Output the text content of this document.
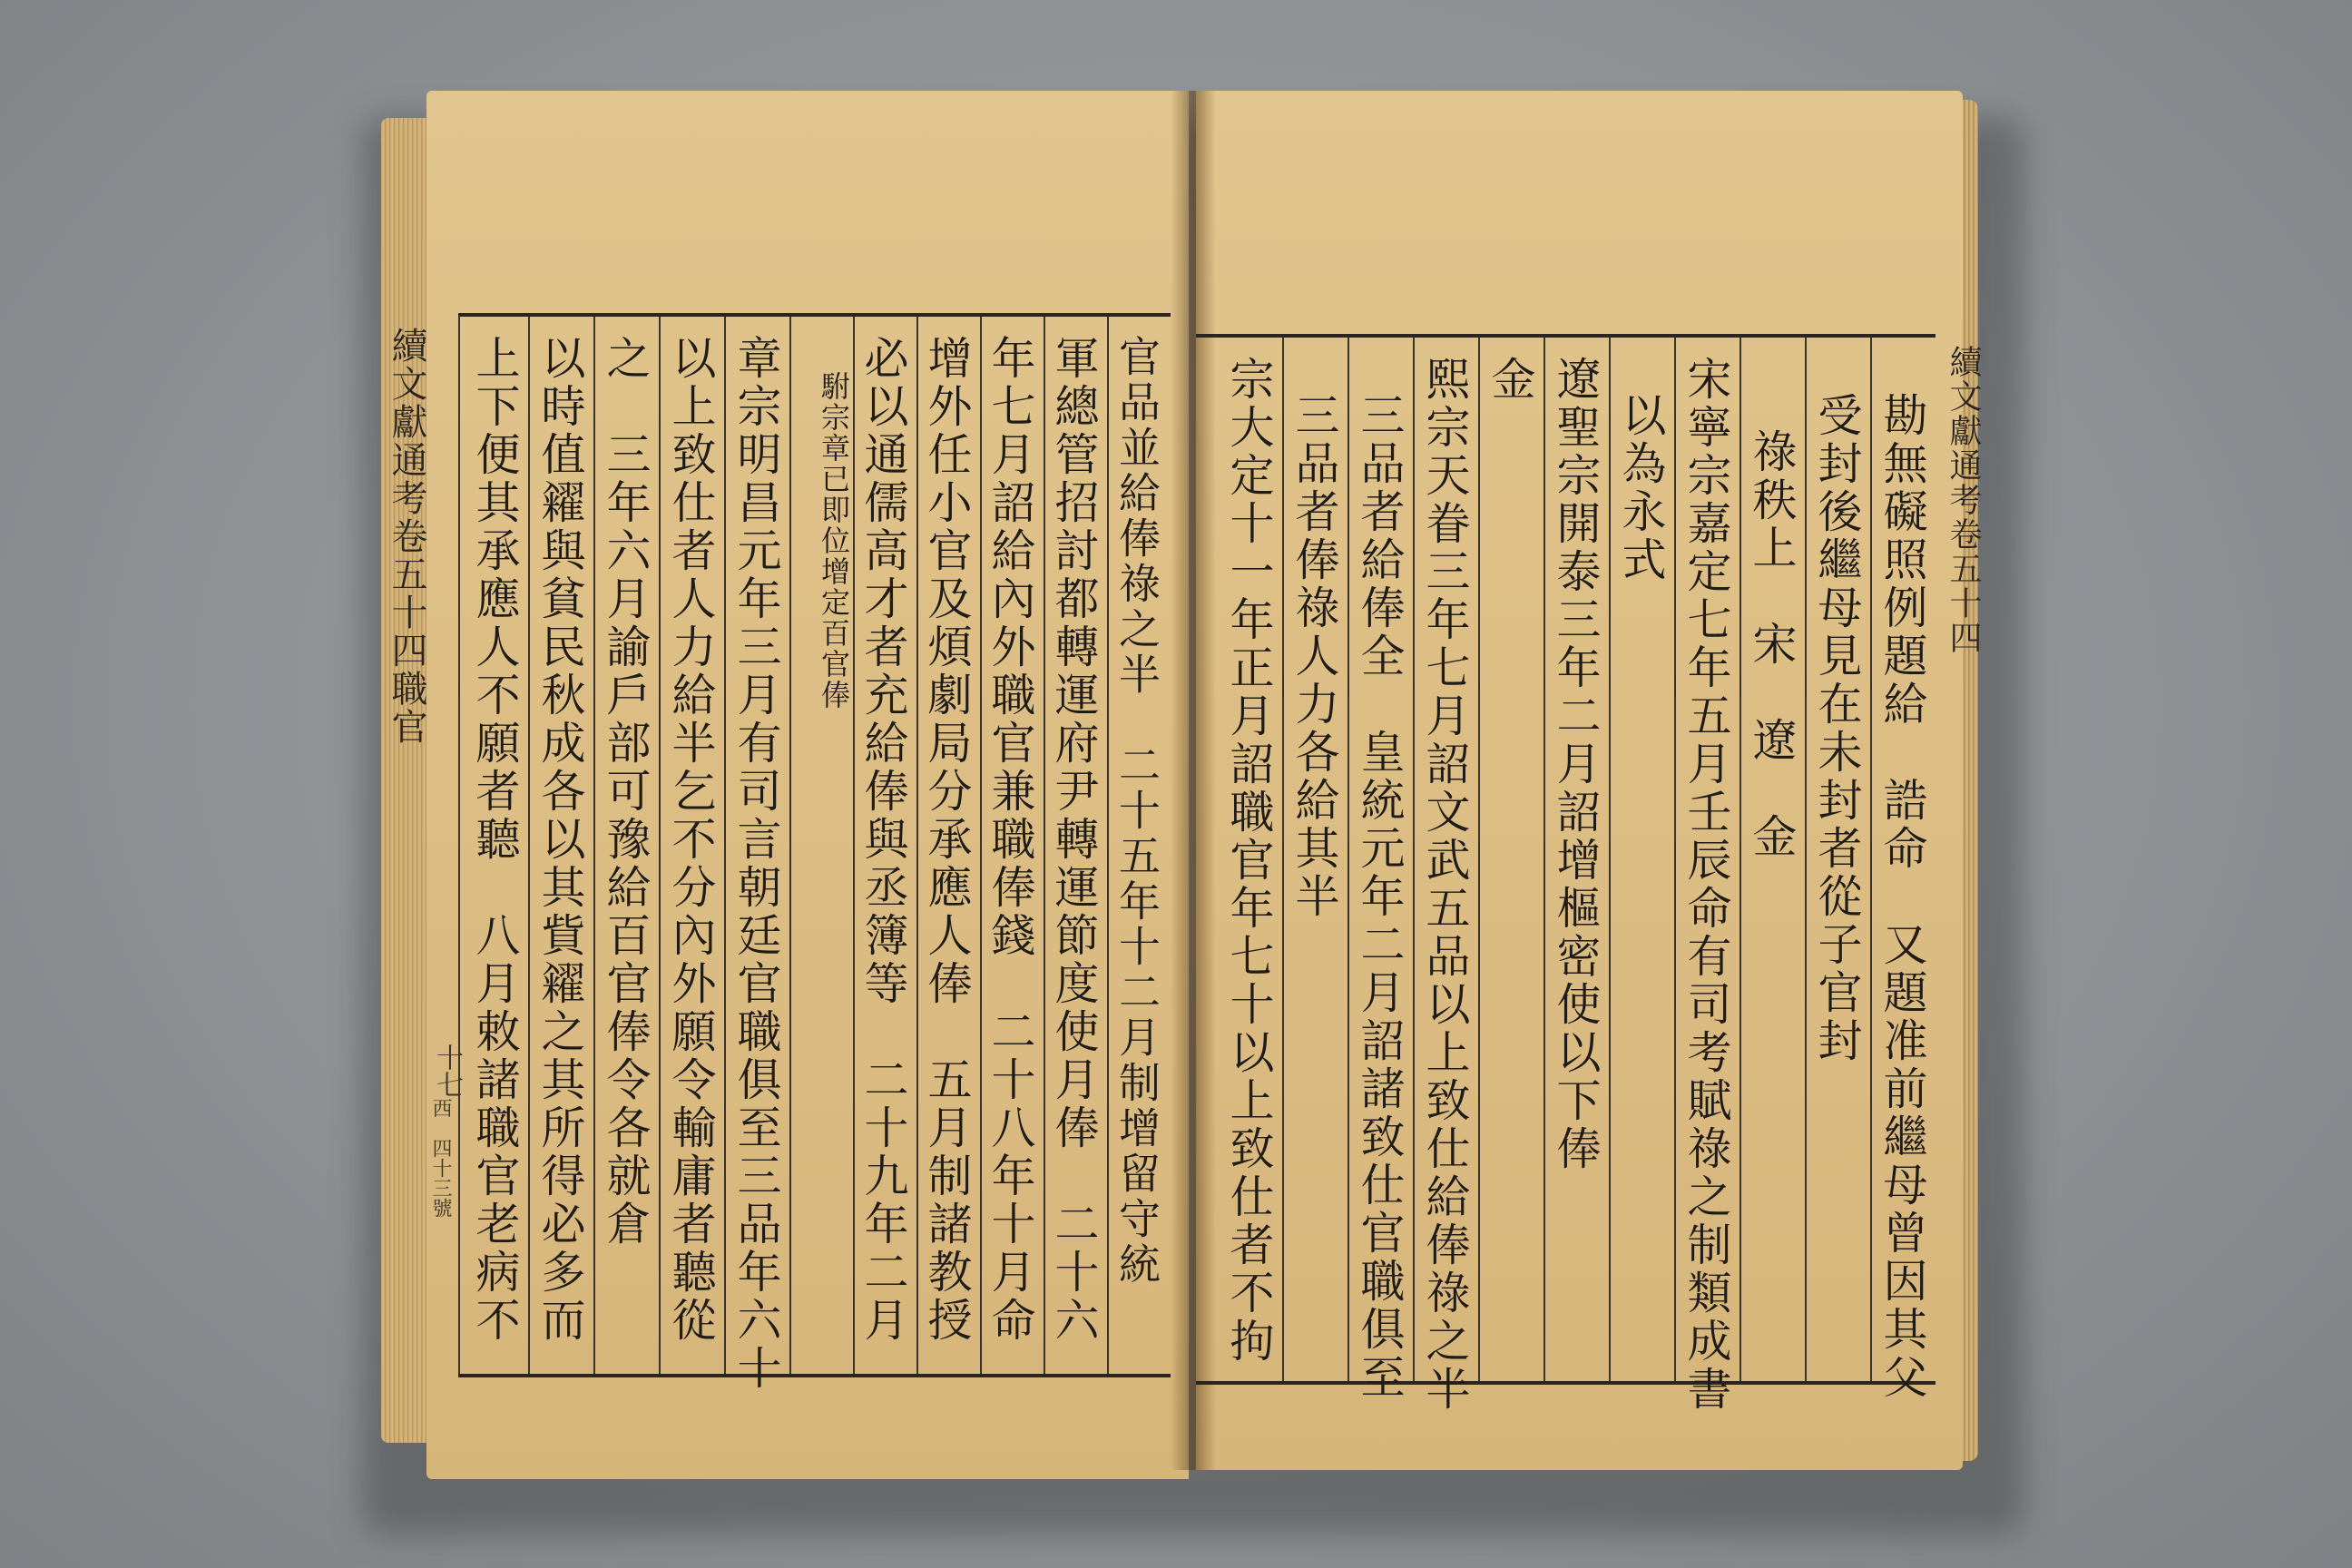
續文獻通考卷五十四職官
十七
西　四十三號	官品並給俸祿之半　二十五年十二月制增留守統
軍總管招討都轉運府尹轉運節度使月俸　二十六
年七月詔給內外職官兼職俸錢　二十八年十月命
增外任小官及煩劇局分承應人俸　五月制諸教授
必以通儒高才者充給俸與丞簿等　二十九年二月
駙宗章已即位增定百官俸
章宗明昌元年三月有司言朝廷官職俱至三品年六十
以上致仕者人力給半乞不分內外願令輸庸者聽從
之　三年六月諭戶部可豫給百官俸令各就倉
以時值糴與貧民秋成各以其貲糴之其所得必多而
上下便其承應人不願者聽　八月敕諸職官老病不	勘無礙照例題給　誥命　又題准前繼母曾因其父
受封後繼母見在未封者從子官封
祿秩上　宋　遼　金
宋寧宗嘉定七年五月壬辰命有司考賦祿之制類成書
以為永式
遼聖宗開泰三年二月詔增樞密使以下俸
金
熙宗天眷三年七月詔文武五品以上致仕給俸祿之半
三品者給俸全　皇統元年二月詔諸致仕官職俱至
三品者俸祿人力各給其半
宗大定十一年正月詔職官年七十以上致仕者不拘	續文獻通考卷五十四
